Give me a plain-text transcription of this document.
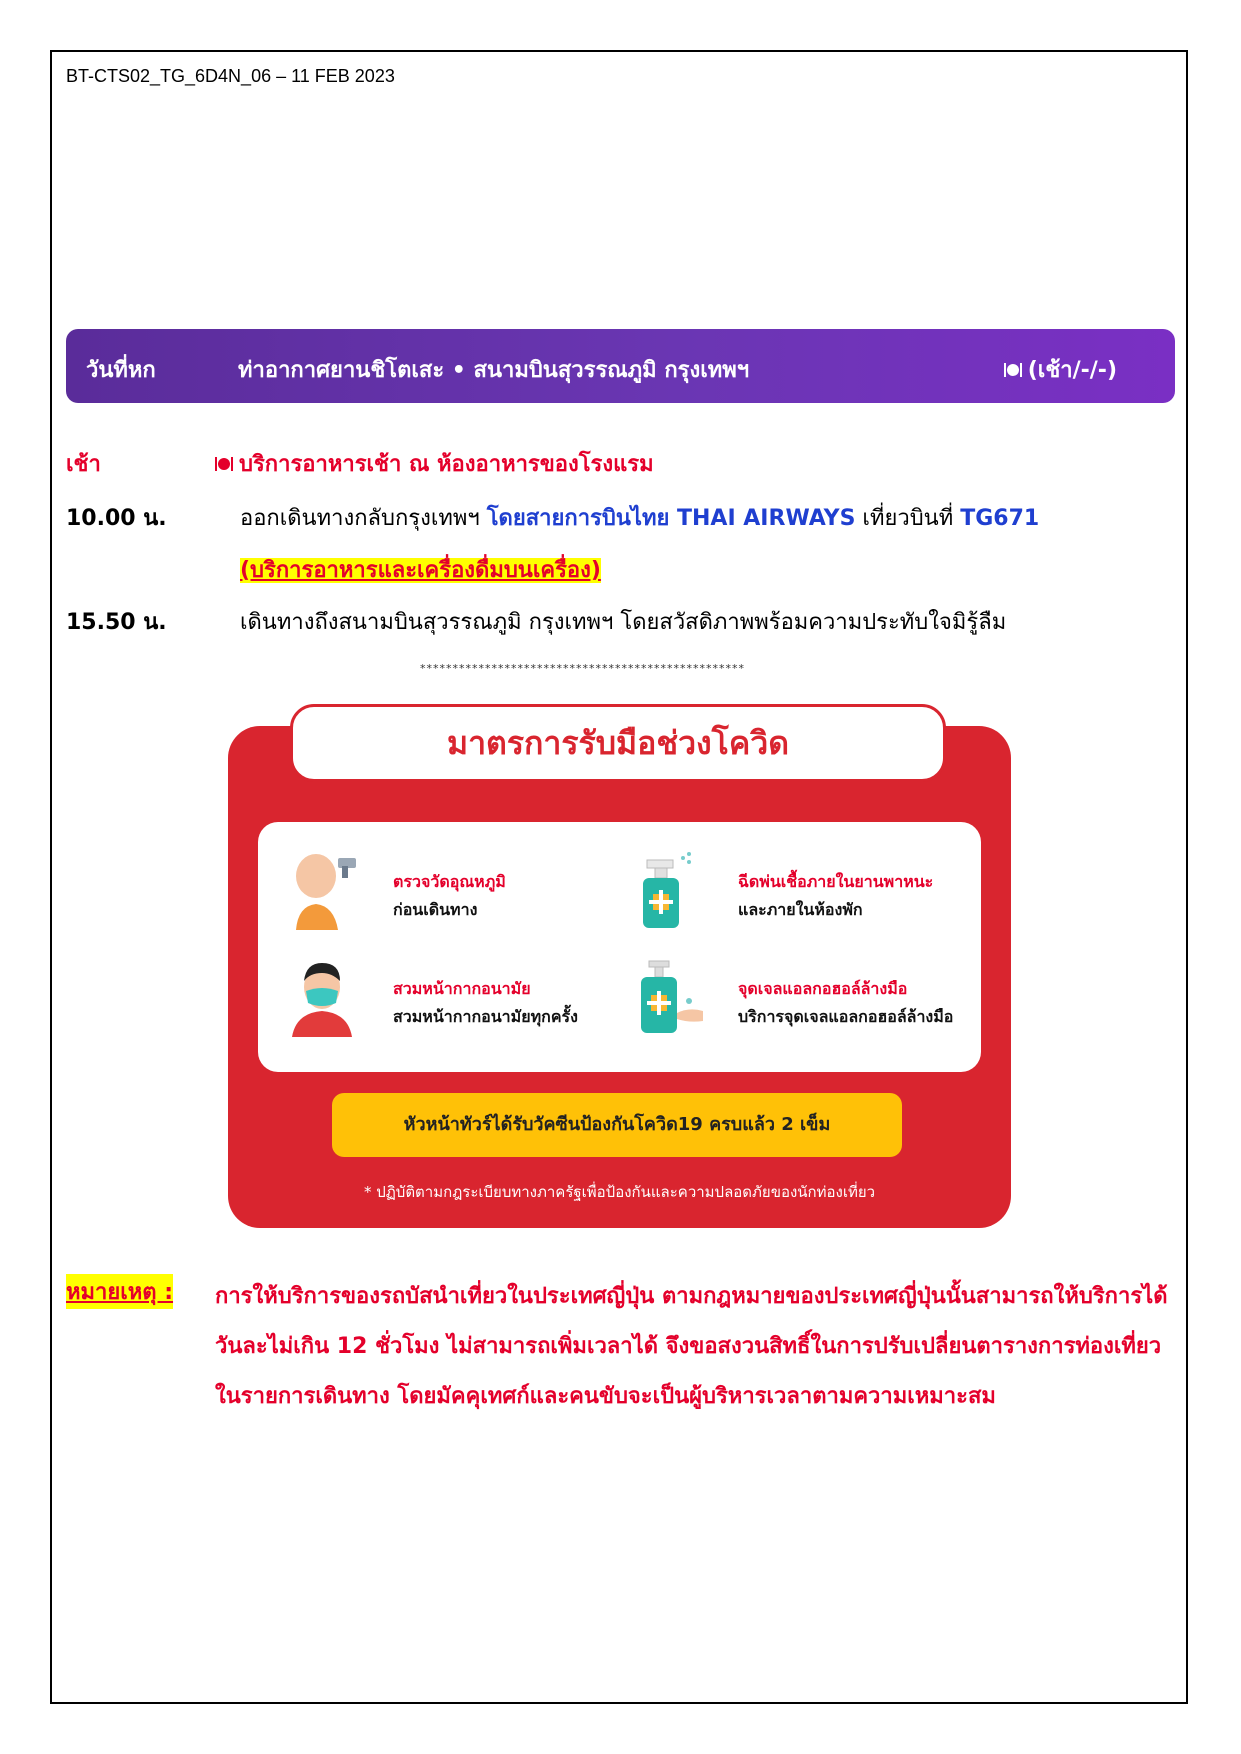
BT-CTS02_TG_6D4N_06 – 11 FEB 2023
วันที่หก	ท่าอากาศยานชิโตเสะ • สนามบินสุวรรณภูมิ กรุงเทพฯ	(เช้า/-/-)
เช้า	บริการอาหารเช้า ณ ห้องอาหารของโรงแรม
10.00 น.	ออกเดินทางกลับกรุงเทพฯ โดยสายการบินไทย THAI AIRWAYS เที่ยวบินที่ TG671
(บริการอาหารและเครื่องดื่มบนเครื่อง)
15.50 น.	เดินทางถึงสนามบินสุวรรณภูมิ กรุงเทพฯ โดยสวัสดิภาพพร้อมความประทับใจมิรู้ลืม
**************************************************
มาตรการรับมือช่วงโควิด
ตรวจวัดอุณหภูมิ
ก่อนเดินทาง
ฉีดพ่นเชื้อภายในยานพาหนะ
และภายในห้องพัก
สวมหน้ากากอนามัย
สวมหน้ากากอนามัยทุกครั้ง
จุดเจลแอลกอฮอล์ล้างมือ
บริการจุดเจลแอลกอฮอล์ล้างมือ
หัวหน้าทัวร์ได้รับวัคซีนป้องกันโควิด19 ครบแล้ว 2 เข็ม
* ปฏิบัติตามกฎระเบียบทางภาครัฐเพื่อป้องกันและความปลอดภัยของนักท่องเที่ยว
หมายเหตุ : การให้บริการของรถบัสนำเที่ยวในประเทศญี่ปุ่น ตามกฎหมายของประเทศญี่ปุ่นนั้นสามารถให้บริการได้วันละไม่เกิน 12 ชั่วโมง ไม่สามารถเพิ่มเวลาได้ จึงขอสงวนสิทธิ์ในการปรับเปลี่ยนตารางการท่องเที่ยวในรายการเดินทาง โดยมัคคุเทศก์และคนขับจะเป็นผู้บริหารเวลาตามความเหมาะสม
